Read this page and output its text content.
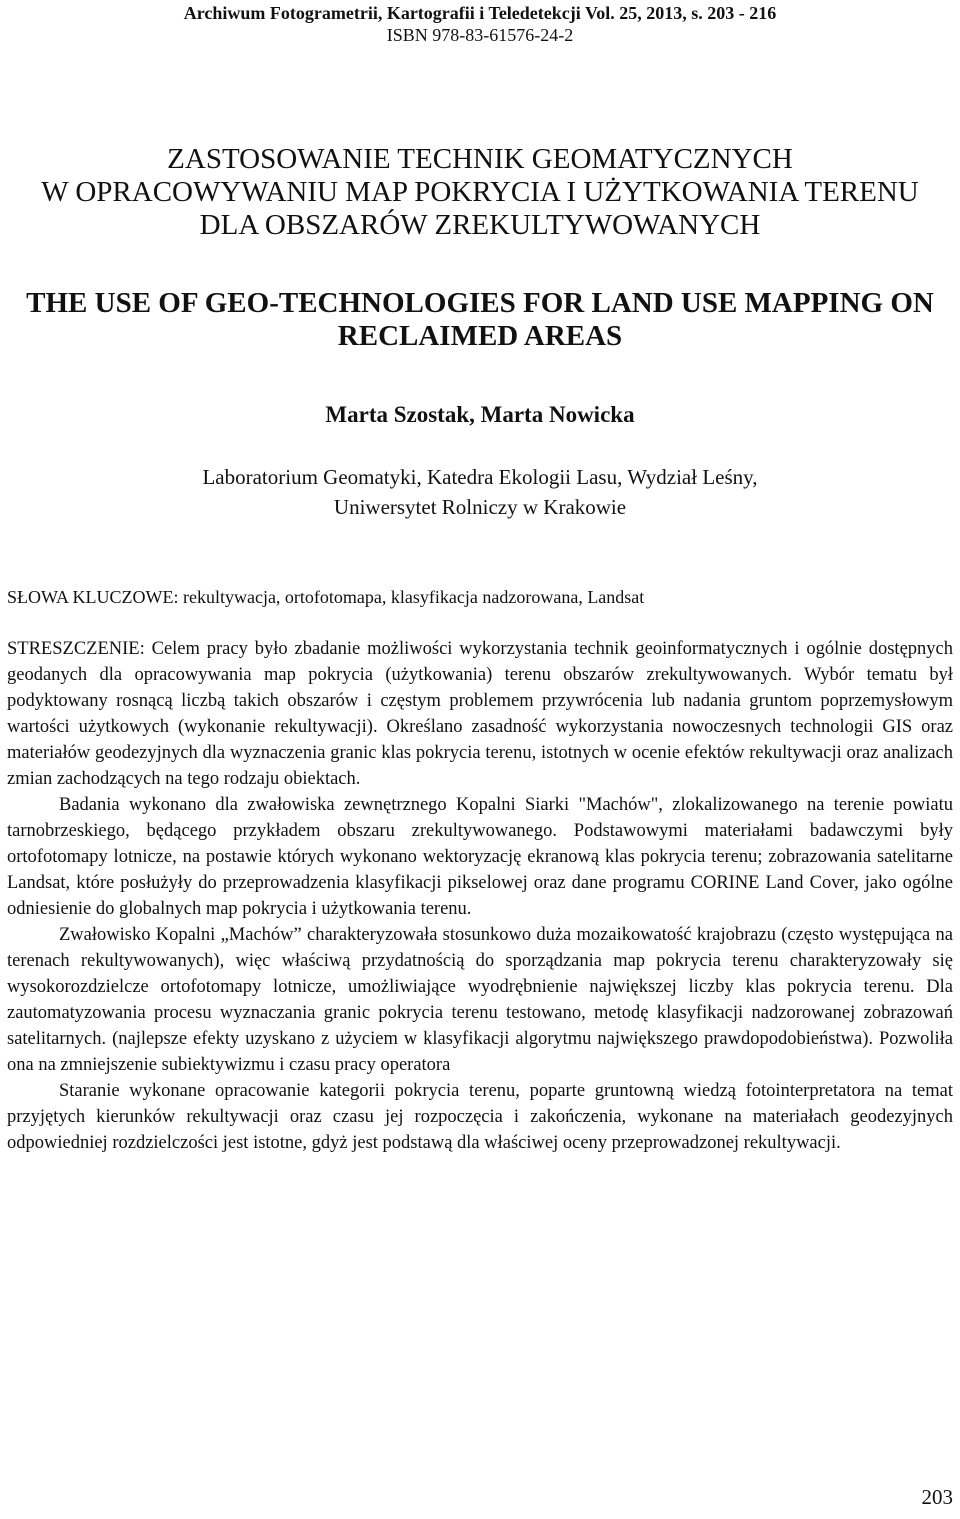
Archiwum Fotogrametrii, Kartografii i Teledetekcji Vol. 25, 2013, s. 203 - 216
ISBN 978-83-61576-24-2
ZASTOSOWANIE TECHNIK GEOMATYCZNYCH
W OPRACOWYWANIU MAP POKRYCIA I UŻYTKOWANIA TERENU
DLA OBSZARÓW ZREKULTYWOWANYCH
THE USE OF GEO-TECHNOLOGIES FOR LAND USE MAPPING ON
RECLAIMED AREAS
Marta Szostak, Marta Nowicka
Laboratorium Geomatyki, Katedra Ekologii Lasu, Wydział Leśny,
Uniwersytet Rolniczy w Krakowie
SŁOWA KLUCZOWE: rekultywacja, ortofotomapa, klasyfikacja nadzorowana, Landsat

STRESZCZENIE: Celem pracy było zbadanie możliwości wykorzystania technik geoinformatycznych i ogólnie dostępnych geodanych dla opracowywania map pokrycia (użytkowania) terenu obszarów zrekultywowanych. Wybór tematu był podyktowany rosnącą liczbą takich obszarów i częstym problemem przywrócenia lub nadania gruntom poprzemysłowym wartości użytkowych (wykonanie rekultywacji). Określano zasadność wykorzystania nowoczesnych technologii GIS oraz materiałów geodezyjnych dla wyznaczenia granic klas pokrycia terenu, istotnych w ocenie efektów rekultywacji oraz analizach zmian zachodzących na tego rodzaju obiektach.

Badania wykonano dla zwałowiska zewnętrznego Kopalni Siarki "Machów", zlokalizowanego na terenie powiatu tarnobrzeskiego, będącego przykładem obszaru zrekultywowanego. Podstawowymi materiałami badawczymi były ortofotomapy lotnicze, na postawie których wykonano wektoryzację ekranową klas pokrycia terenu; zobrazowania satelitarne Landsat, które posłużyły do przeprowadzenia klasyfikacji pikselowej oraz dane programu CORINE Land Cover, jako ogólne odniesienie do globalnych map pokrycia i użytkowania terenu.

Zwałowisko Kopalni „Machów” charakteryzowała stosunkowo duża mozaikowatość krajobrazu (często występująca na terenach rekultywowanych), więc właściwą przydatnością do sporządzania map pokrycia terenu charakteryzowały się wysokorozdzielcze ortofotomapy lotnicze, umożliwiające wyodrębnienie największej liczby klas pokrycia terenu. Dla zautomatyzowania procesu wyznaczania granic pokrycia terenu testowano, metodę klasyfikacji nadzorowanej zobrazowań satelitarnych. (najlepsze efekty uzyskano z użyciem w klasyfikacji algorytmu największego prawdopodobieństwa). Pozwoliła ona na zmniejszenie subiektywizmu i czasu pracy operatora

Staranie wykonane opracowanie kategorii pokrycia terenu, poparte gruntowną wiedzą fotointerpretatora na temat przyjętych kierunków rekultywacji oraz czasu jej rozpoczęcia i zakończenia, wykonane na materiałach geodezyjnych odpowiedniej rozdzielczości jest istotne, gdyż jest podstawą dla właściwej oceny przeprowadzonej rekultywacji.

203
